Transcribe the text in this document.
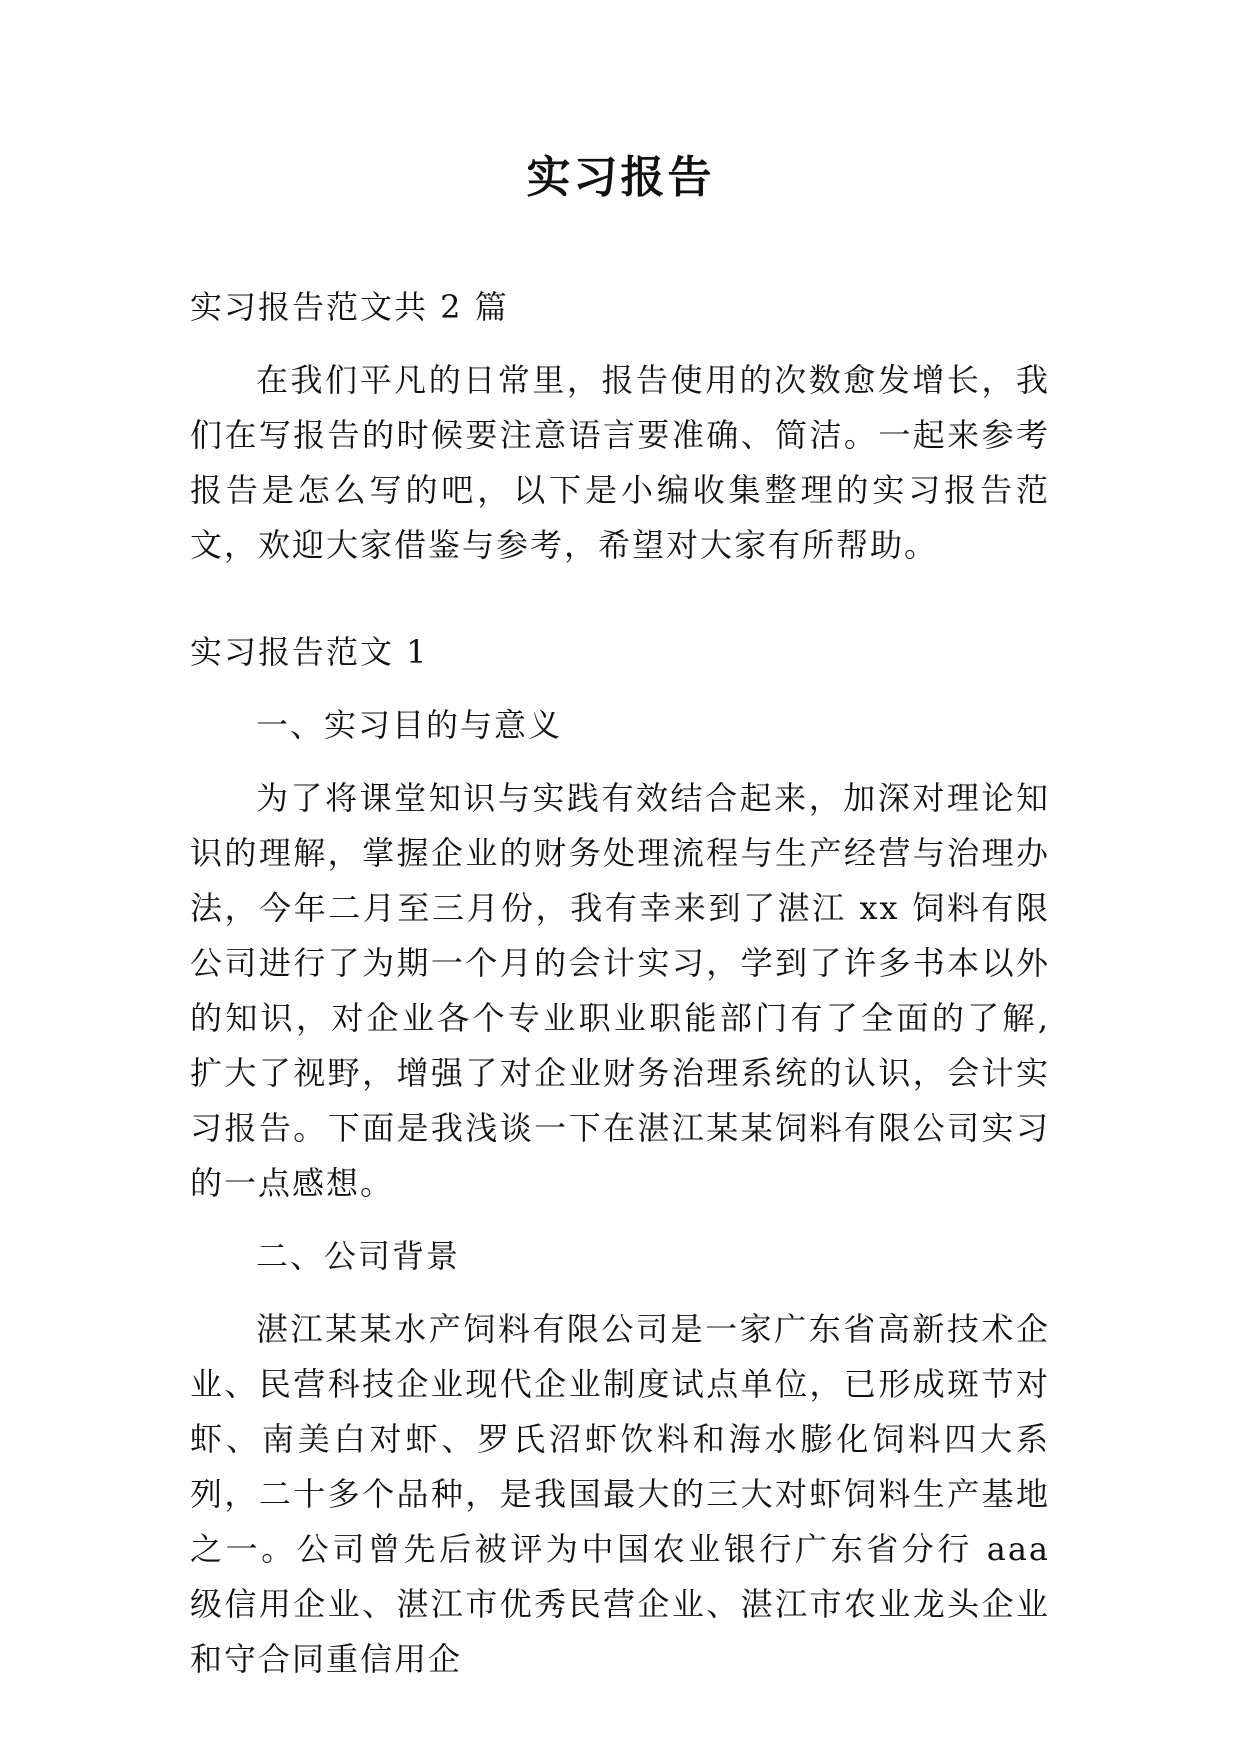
实习报告

实习报告范文共 2 篇

在我们平凡的日常里，报告使用的次数愈发增长，我们在写报告的时候要注意语言要准确、简洁。一起来参考报告是怎么写的吧，以下是小编收集整理的实习报告范文，欢迎大家借鉴与参考，希望对大家有所帮助。

实习报告范文 1

一、实习目的与意义

为了将课堂知识与实践有效结合起来，加深对理论知识的理解，掌握企业的财务处理流程与生产经营与治理办法，今年二月至三月份，我有幸来到了湛江 xx 饲料有限公司进行了为期一个月的会计实习，学到了许多书本以外的知识，对企业各个专业职业职能部门有了全面的了解,扩大了视野，增强了对企业财务治理系统的认识，会计实习报告。下面是我浅谈一下在湛江某某饲料有限公司实习的一点感想。

二、公司背景

湛江某某水产饲料有限公司是一家广东省高新技术企业、民营科技企业现代企业制度试点单位，已形成斑节对虾、南美白对虾、罗氏沼虾饮料和海水膨化饲料四大系列，二十多个品种，是我国最大的三大对虾饲料生产基地之一。公司曾先后被评为中国农业银行广东省分行 aaa 级信用企业、湛江市优秀民营企业、湛江市农业龙头企业和守合同重信用企
